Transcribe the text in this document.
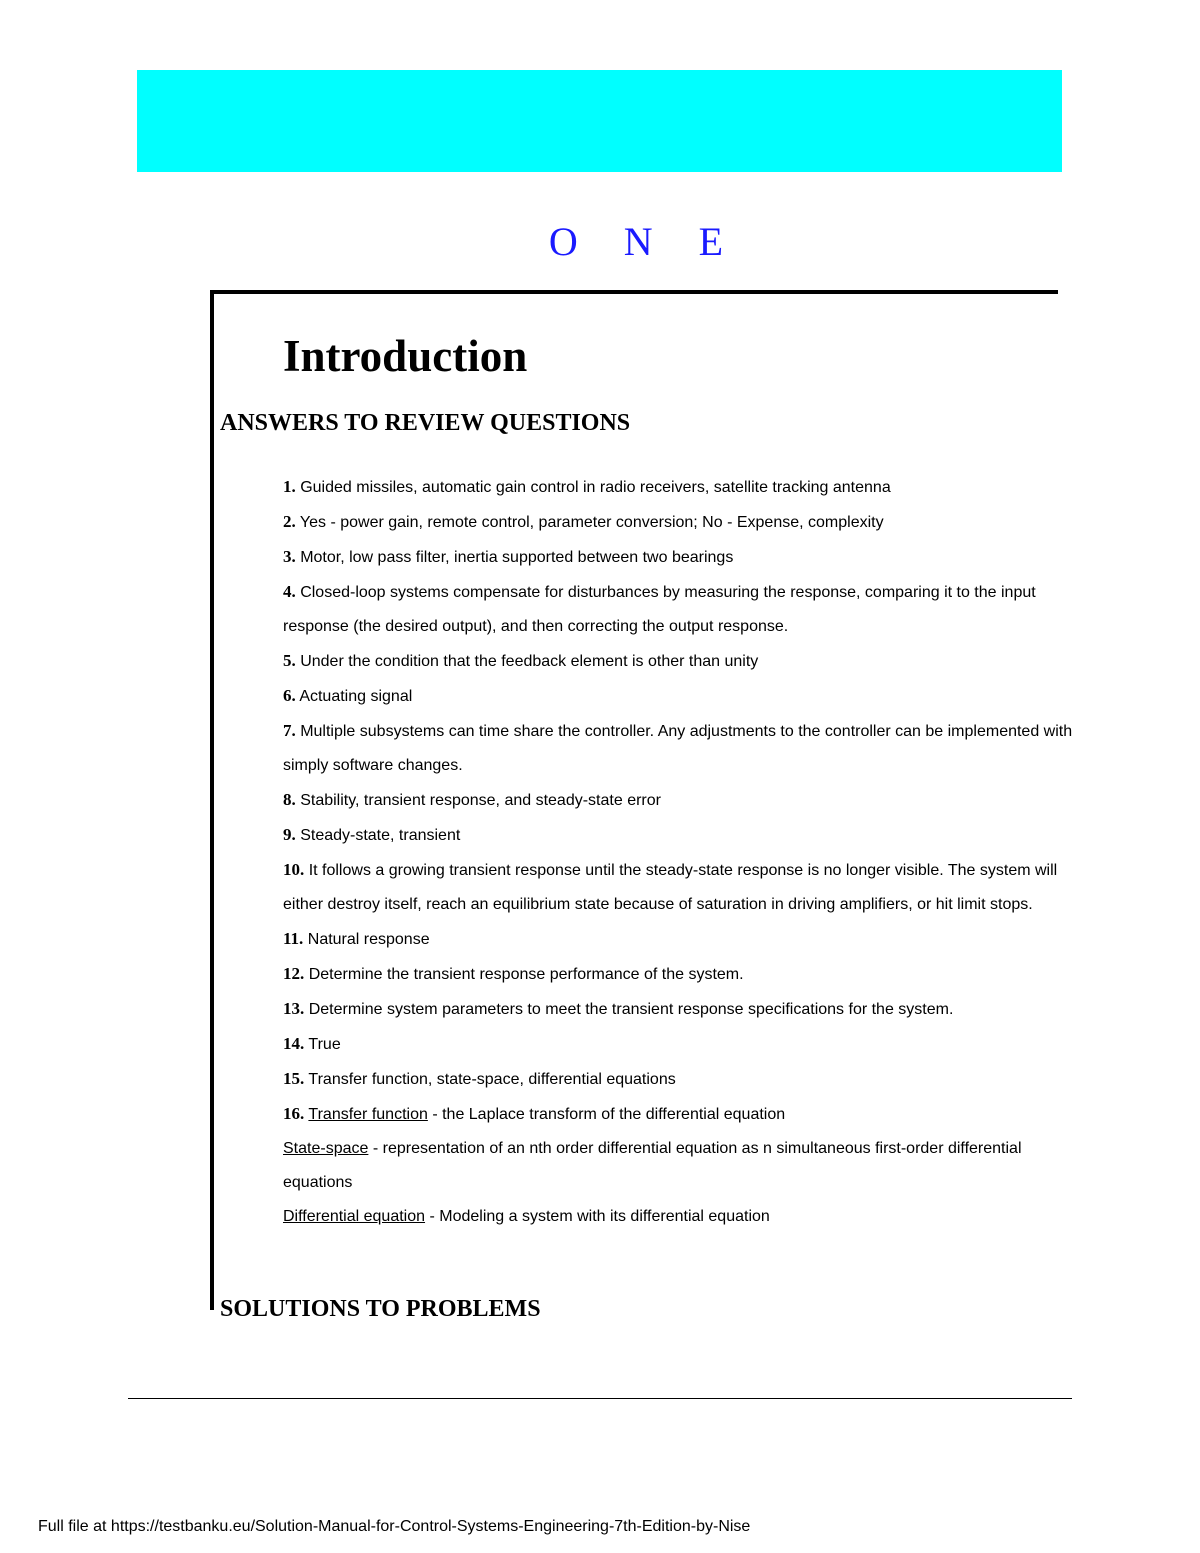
O N E
Introduction
ANSWERS TO REVIEW QUESTIONS

1. Guided missiles, automatic gain control in radio receivers, satellite tracking antenna

2. Yes - power gain, remote control, parameter conversion; No - Expense, complexity

3. Motor, low pass filter, inertia supported between two bearings

4. Closed-loop systems compensate for disturbances by measuring the response, comparing it to the input response (the desired output), and then correcting the output response.

5. Under the condition that the feedback element is other than unity

6. Actuating signal

7. Multiple subsystems can time share the controller. Any adjustments to the controller can be implemented with simply software changes.

8. Stability, transient response, and steady-state error

9. Steady-state, transient

10. It follows a growing transient response until the steady-state response is no longer visible. The system will either destroy itself, reach an equilibrium state because of saturation in driving amplifiers, or hit limit stops.

11. Natural response

12. Determine the transient response performance of the system.

13. Determine system parameters to meet the transient response specifications for the system.

14. True

15. Transfer function, state-space, differential equations

16. Transfer function - the Laplace transform of the differential equation

State-space - representation of an nth order differential equation as n simultaneous first-order differential equations

Differential equation - Modeling a system with its differential equation

SOLUTIONS TO PROBLEMS
Full file at https://testbanku.eu/Solution-Manual-for-Control-Systems-Engineering-7th-Edition-by-Nise
